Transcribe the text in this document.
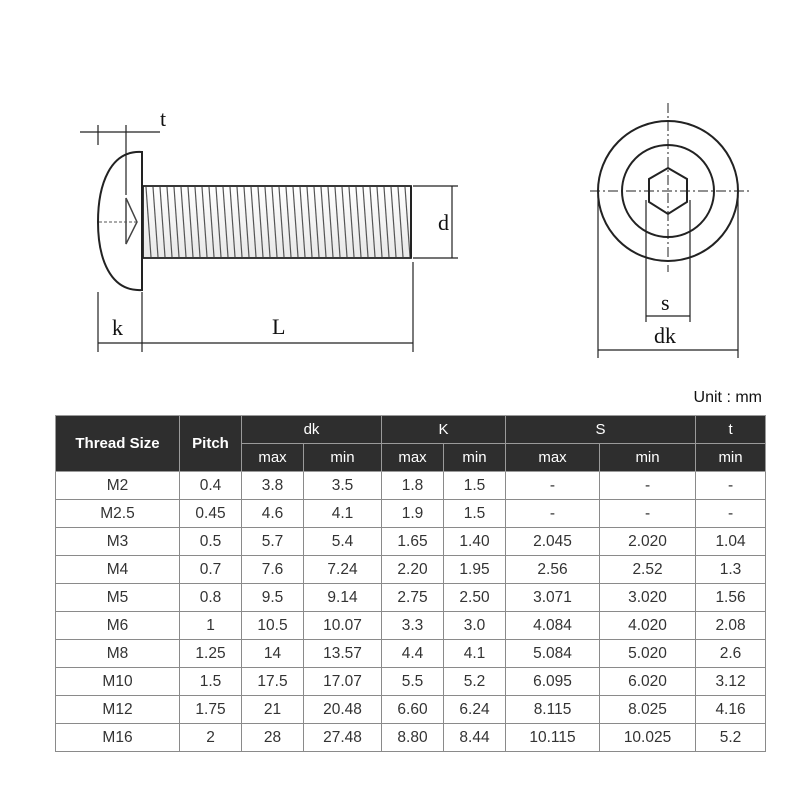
t
d
k	L
s
dk
Unit : mm
Thread Size	Pitch	dk		K		S		t
		max	min	max	min	max	min	min
M2	0.4	3.8	3.5	1.8	1.5	-	-	-
M2.5	0.45	4.6	4.1	1.9	1.5	-	-	-
M3	0.5	5.7	5.4	1.65	1.40	2.045	2.020	1.04
M4	0.7	7.6	7.24	2.20	1.95	2.56	2.52	1.3
M5	0.8	9.5	9.14	2.75	2.50	3.071	3.020	1.56
M6	1	10.5	10.07	3.3	3.0	4.084	4.020	2.08
M8	1.25	14	13.57	4.4	4.1	5.084	5.020	2.6
M10	1.5	17.5	17.07	5.5	5.2	6.095	6.020	3.12
M12	1.75	21	20.48	6.60	6.24	8.115	8.025	4.16
M16	2	28	27.48	8.80	8.44	10.115	10.025	5.2
